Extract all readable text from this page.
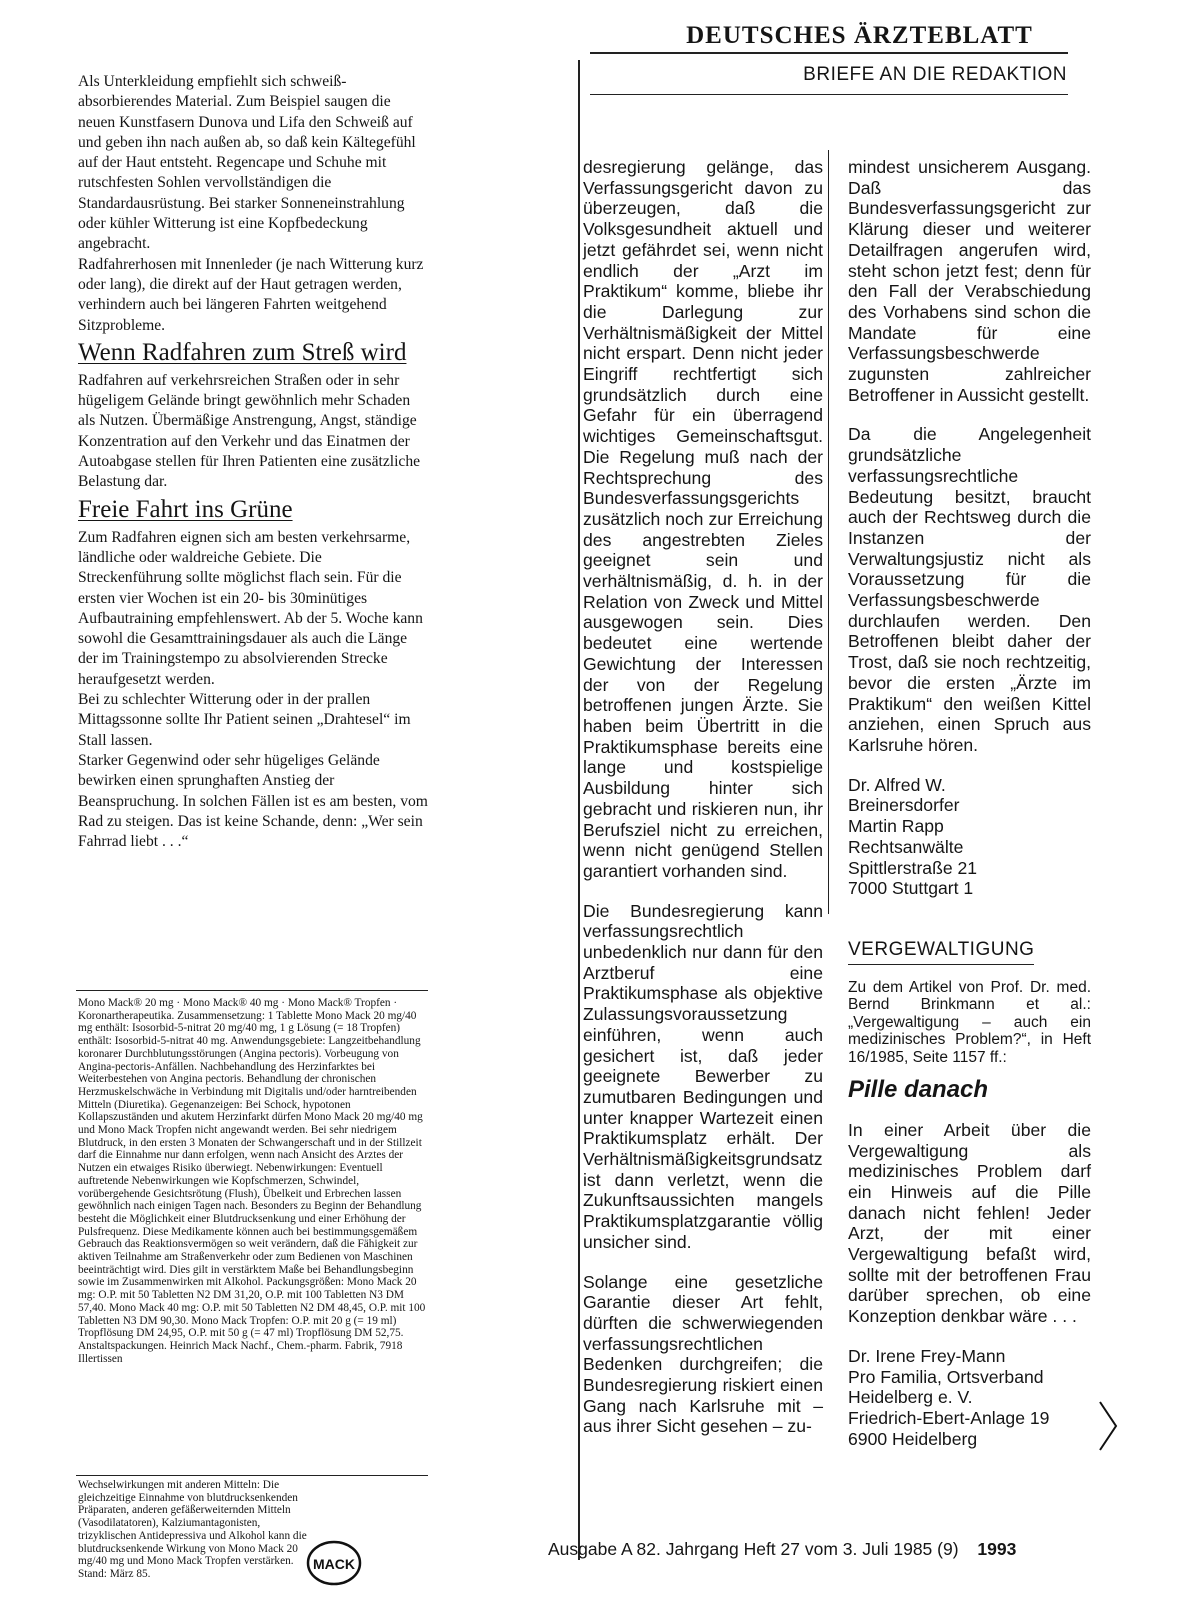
DEUTSCHES ÄRZTEBLATT
BRIEFE AN DIE REDAKTION

Als Unterkleidung empfiehlt sich schweiß-absorbierendes Material. Zum Beispiel saugen die neuen Kunstfasern Dunova und Lifa den Schweiß auf und geben ihn nach außen ab, so daß kein Kältegefühl auf der Haut entsteht. Regencape und Schuhe mit rutschfesten Sohlen vervollständigen die Standardausrüstung. Bei starker Sonneneinstrahlung oder kühler Witterung ist eine Kopfbedeckung angebracht.

Radfahrerhosen mit Innenleder (je nach Witterung kurz oder lang), die direkt auf der Haut getragen werden, verhindern auch bei längeren Fahrten weitgehend Sitzprobleme.

Wenn Radfahren zum Streß wird

Radfahren auf verkehrsreichen Straßen oder in sehr hügeligem Gelände bringt gewöhnlich mehr Schaden als Nutzen. Übermäßige Anstrengung, Angst, ständige Konzentration auf den Verkehr und das Einatmen der Autoabgase stellen für Ihren Patienten eine zusätzliche Belastung dar.

Freie Fahrt ins Grüne

Zum Radfahren eignen sich am besten verkehrsarme, ländliche oder waldreiche Gebiete. Die Streckenführung sollte möglichst flach sein. Für die ersten vier Wochen ist ein 20- bis 30minütiges Aufbautraining empfehlenswert. Ab der 5. Woche kann sowohl die Gesamttrainingsdauer als auch die Länge der im Trainingstempo zu absolvierenden Strecke heraufgesetzt werden.

Bei zu schlechter Witterung oder in der prallen Mittagssonne sollte Ihr Patient seinen „Drahtesel“ im Stall lassen.

Starker Gegenwind oder sehr hügeliges Gelände bewirken einen sprunghaften Anstieg der Beanspruchung. In solchen Fällen ist es am besten, vom Rad zu steigen. Das ist keine Schande, denn: „Wer sein Fahrrad liebt . . .“

Mono Mack® 20 mg · Mono Mack® 40 mg · Mono Mack® Tropfen · Koronartherapeutika. Zusammensetzung: 1 Tablette Mono Mack 20 mg/40 mg enthält: Isosorbid-5-nitrat 20 mg/40 mg, 1 g Lösung (= 18 Tropfen) enthält: Isosorbid-5-nitrat 40 mg. Anwendungsgebiete: Langzeitbehandlung koronarer Durchblutungsstörungen (Angina pectoris). Vorbeugung von Angina-pectoris-Anfällen. Nachbehandlung des Herzinfarktes bei Weiterbestehen von Angina pectoris. Behandlung der chronischen Herzmuskelschwäche in Verbindung mit Digitalis und/oder harntreibenden Mitteln (Diuretika). Gegenanzeigen: Bei Schock, hypotonen Kollapszuständen und akutem Herzinfarkt dürfen Mono Mack 20 mg/40 mg und Mono Mack Tropfen nicht angewandt werden. Bei sehr niedrigem Blutdruck, in den ersten 3 Monaten der Schwangerschaft und in der Stillzeit darf die Einnahme nur dann erfolgen, wenn nach Ansicht des Arztes der Nutzen ein etwaiges Risiko überwiegt. Nebenwirkungen: Eventuell auftretende Nebenwirkungen wie Kopfschmerzen, Schwindel, vorübergehende Gesichtsrötung (Flush), Übelkeit und Erbrechen lassen gewöhnlich nach einigen Tagen nach. Besonders zu Beginn der Behandlung besteht die Möglichkeit einer Blutdrucksenkung und einer Erhöhung der Pulsfrequenz. Diese Medikamente können auch bei bestimmungsgemäßem Gebrauch das Reaktionsvermögen so weit verändern, daß die Fähigkeit zur aktiven Teilnahme am Straßenverkehr oder zum Bedienen von Maschinen beeinträchtigt wird. Dies gilt in verstärktem Maße bei Behandlungsbeginn sowie im Zusammenwirken mit Alkohol. Packungsgrößen: Mono Mack 20 mg: O.P. mit 50 Tabletten N2 DM 31,20, O.P. mit 100 Tabletten N3 DM 57,40. Mono Mack 40 mg: O.P. mit 50 Tabletten N2 DM 48,45, O.P. mit 100 Tabletten N3 DM 90,30. Mono Mack Tropfen: O.P. mit 20 g (= 19 ml) Tropflösung DM 24,95, O.P. mit 50 g (= 47 ml) Tropflösung DM 52,75. Anstaltspackungen. Heinrich Mack Nachf., Chem.-pharm. Fabrik, 7918 Illertissen
Wechselwirkungen mit anderen Mitteln: Die gleichzeitige Einnahme von blutdrucksenkenden Präparaten, anderen gefäßerweiternden Mitteln (Vasodilatatoren), Kalziumantagonisten, trizyklischen Antidepressiva und Alkohol kann die blutdrucksenkende Wirkung von Mono Mack 20 mg/40 mg und Mono Mack Tropfen verstärken. Stand: März 85.
MACK

desregierung gelänge, das Verfassungsgericht davon zu überzeugen, daß die Volksgesundheit aktuell und jetzt gefährdet sei, wenn nicht endlich der „Arzt im Praktikum“ komme, bliebe ihr die Darlegung zur Verhältnismäßigkeit der Mittel nicht erspart. Denn nicht jeder Eingriff rechtfertigt sich grundsätzlich durch eine Gefahr für ein überragend wichtiges Gemeinschaftsgut. Die Regelung muß nach der Rechtsprechung des Bundesverfassungsgerichts zusätzlich noch zur Erreichung des angestrebten Zieles geeignet sein und verhältnismäßig, d. h. in der Relation von Zweck und Mittel ausgewogen sein. Dies bedeutet eine wertende Gewichtung der Interessen der von der Regelung betroffenen jungen Ärzte. Sie haben beim Übertritt in die Praktikumsphase bereits eine lange und kostspielige Ausbildung hinter sich gebracht und riskieren nun, ihr Berufsziel nicht zu erreichen, wenn nicht genügend Stellen garantiert vorhanden sind.

Die Bundesregierung kann verfassungsrechtlich unbedenklich nur dann für den Arztberuf eine Praktikumsphase als objektive Zulassungsvoraussetzung einführen, wenn auch gesichert ist, daß jeder geeignete Bewerber zu zumutbaren Bedingungen und unter knapper Wartezeit einen Praktikumsplatz erhält. Der Verhältnismäßigkeitsgrundsatz ist dann verletzt, wenn die Zukunftsaussichten mangels Praktikumsplatzgarantie völlig unsicher sind.

Solange eine gesetzliche Garantie dieser Art fehlt, dürften die schwerwiegenden verfassungsrechtlichen Bedenken durchgreifen; die Bundesregierung riskiert einen Gang nach Karlsruhe mit – aus ihrer Sicht gesehen – zu-

mindest unsicherem Ausgang. Daß das Bundesverfassungsgericht zur Klärung dieser und weiterer Detailfragen angerufen wird, steht schon jetzt fest; denn für den Fall der Verabschiedung des Vorhabens sind schon die Mandate für eine Verfassungsbeschwerde zugunsten zahlreicher Betroffener in Aussicht gestellt.

Da die Angelegenheit grundsätzliche verfassungsrechtliche Bedeutung besitzt, braucht auch der Rechtsweg durch die Instanzen der Verwaltungsjustiz nicht als Voraussetzung für die Verfassungsbeschwerde durchlaufen werden. Den Betroffenen bleibt daher der Trost, daß sie noch rechtzeitig, bevor die ersten „Ärzte im Praktikum“ den weißen Kittel anziehen, einen Spruch aus Karlsruhe hören.

Dr. Alfred W.
Breinersdorfer
Martin Rapp
Rechtsanwälte
Spittlerstraße 21
7000 Stuttgart 1
VERGEWALTIGUNG
Zu dem Artikel von Prof. Dr. med. Bernd Brinkmann et al.: „Vergewaltigung – auch ein medizinisches Problem?“, in Heft 16/1985, Seite 1157 ff.:
Pille danach

In einer Arbeit über die Vergewaltigung als medizinisches Problem darf ein Hinweis auf die Pille danach nicht fehlen! Jeder Arzt, der mit einer Vergewaltigung befaßt wird, sollte mit der betroffenen Frau darüber sprechen, ob eine Konzeption denkbar wäre . . .

Dr. Irene Frey-Mann
Pro Familia, Ortsverband
Heidelberg e. V.
Friedrich-Ebert-Anlage 19
6900 Heidelberg
Ausgabe A 82. Jahrgang Heft 27 vom 3. Juli 1985 (9) 1993
